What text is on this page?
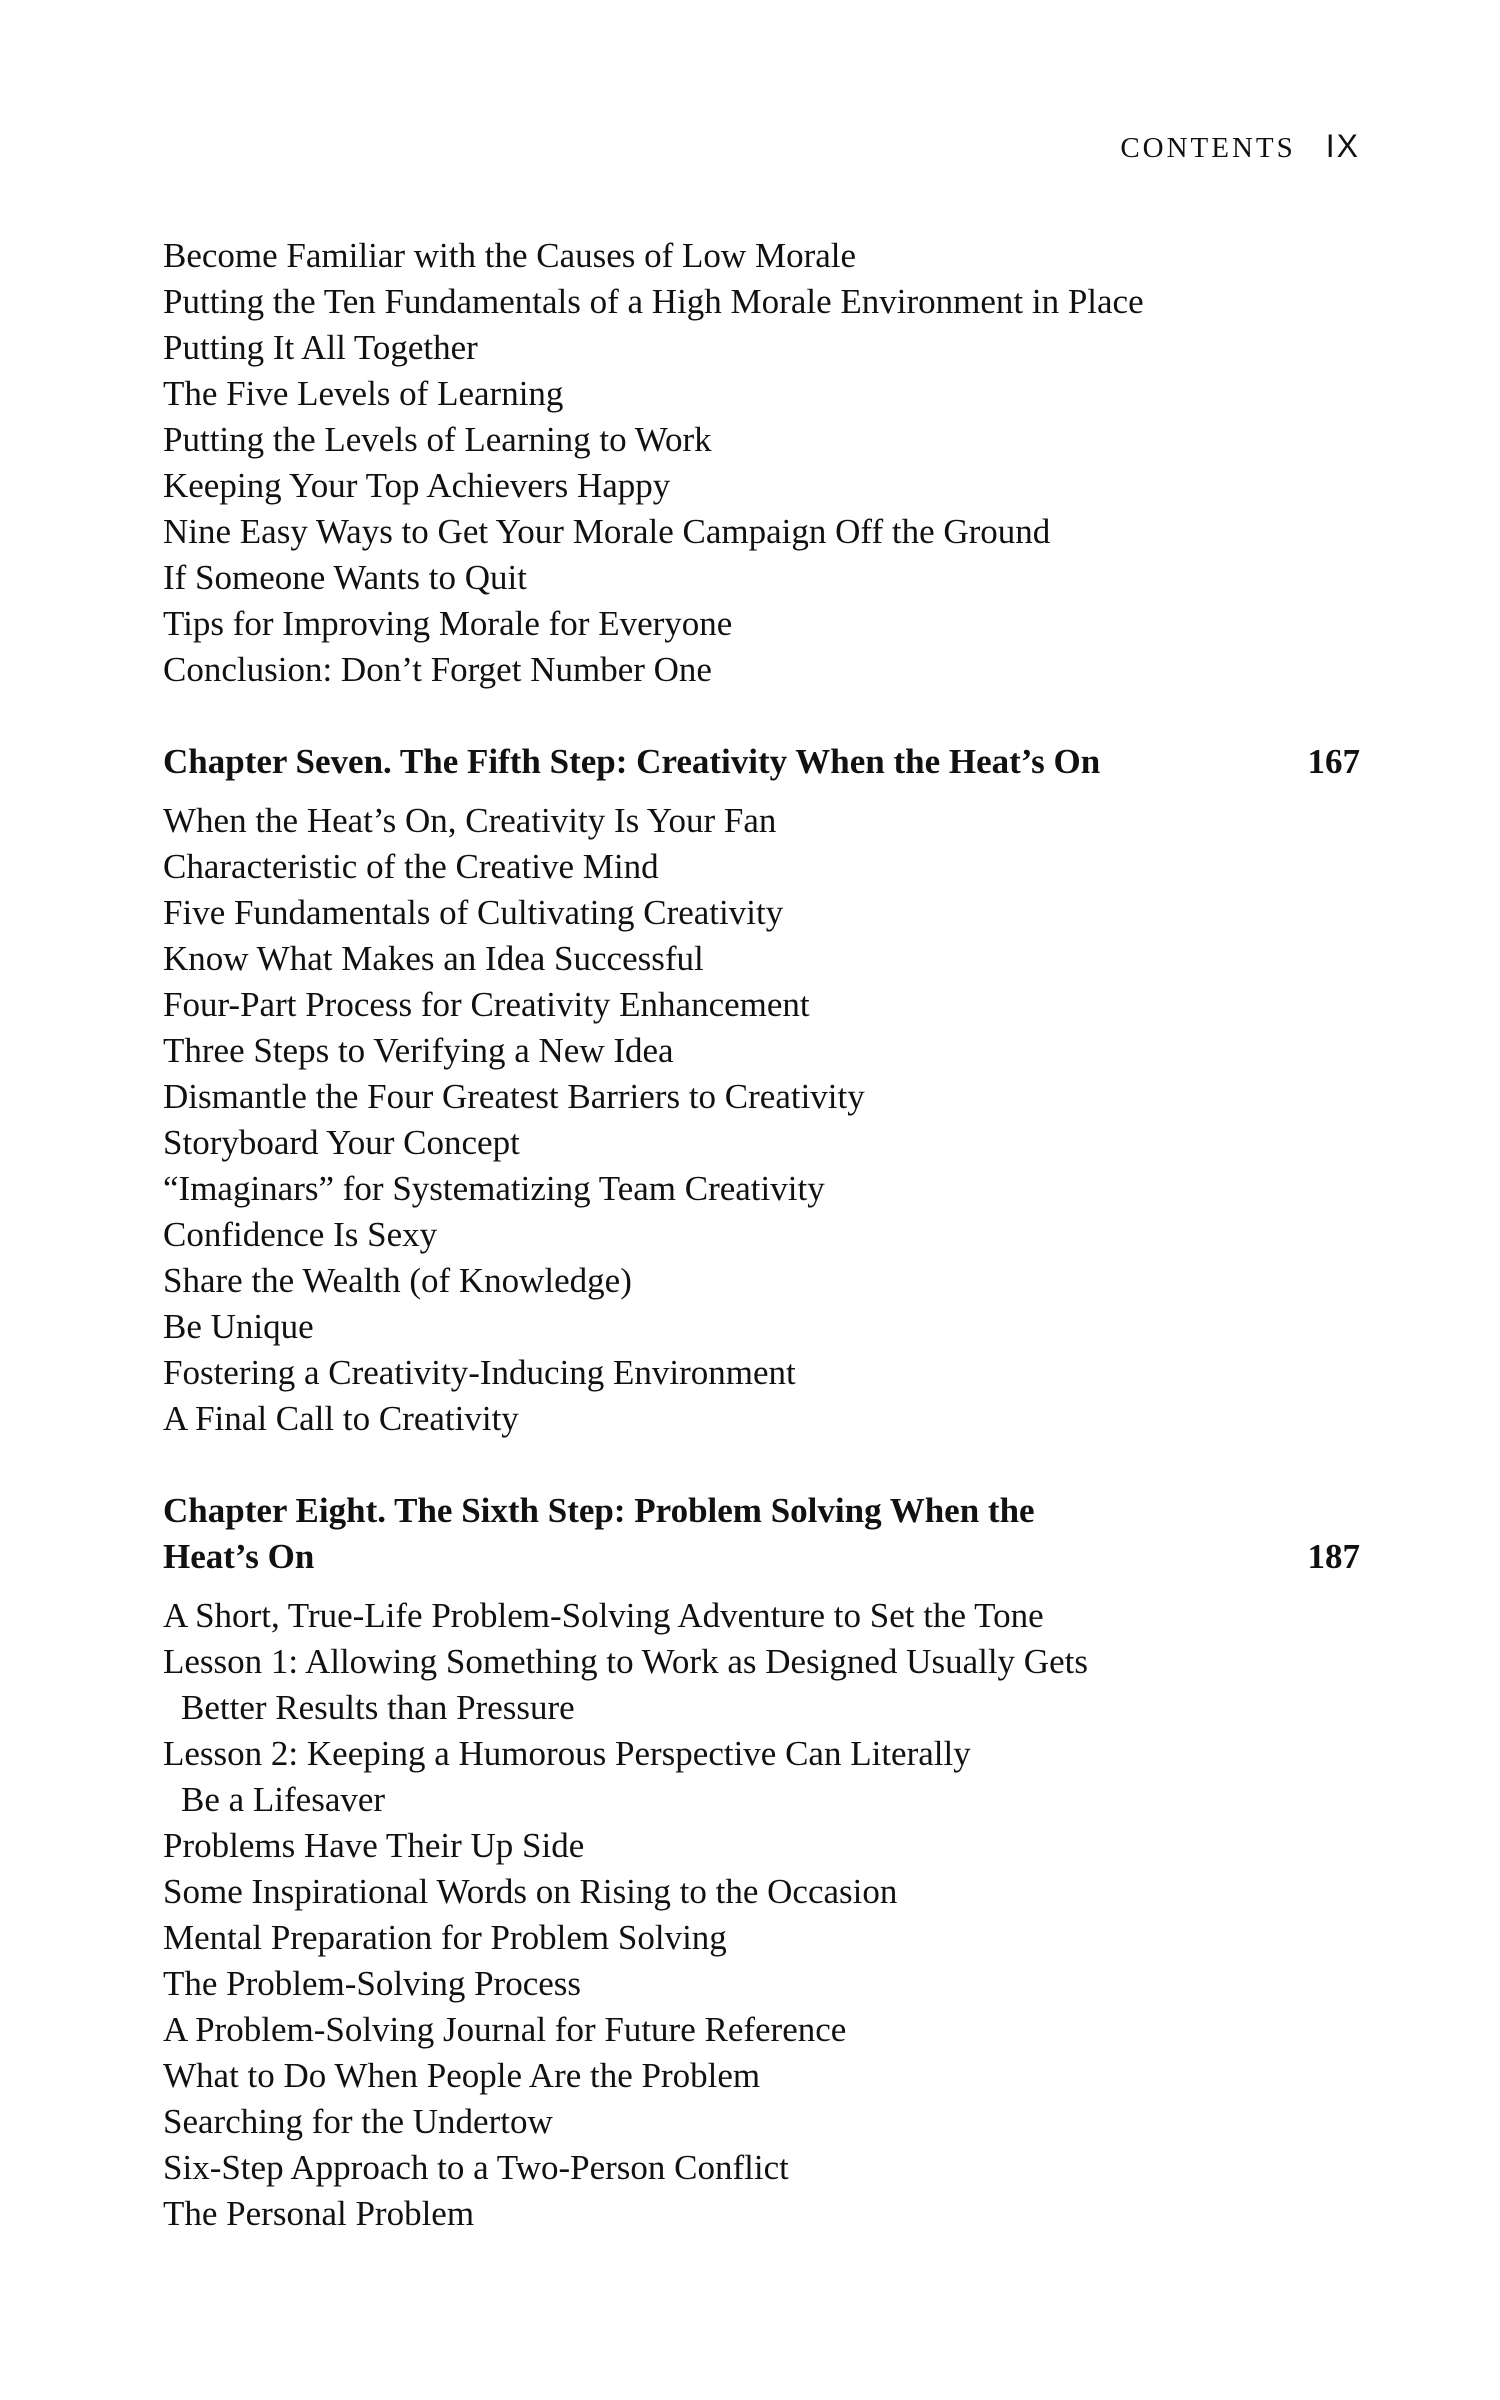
CONTENTS IX
Become Familiar with the Causes of Low Morale
Putting the Ten Fundamentals of a High Morale Environment in Place
Putting It All Together
The Five Levels of Learning
Putting the Levels of Learning to Work
Keeping Your Top Achievers Happy
Nine Easy Ways to Get Your Morale Campaign Off the Ground
If Someone Wants to Quit
Tips for Improving Morale for Everyone
Conclusion: Don’t Forget Number One
Chapter Seven. The Fifth Step: Creativity When the Heat’s On	167
When the Heat’s On, Creativity Is Your Fan
Characteristic of the Creative Mind
Five Fundamentals of Cultivating Creativity
Know What Makes an Idea Successful
Four-Part Process for Creativity Enhancement
Three Steps to Verifying a New Idea
Dismantle the Four Greatest Barriers to Creativity
Storyboard Your Concept
“Imaginars” for Systematizing Team Creativity
Confidence Is Sexy
Share the Wealth (of Knowledge)
Be Unique
Fostering a Creativity-Inducing Environment
A Final Call to Creativity
Chapter Eight. The Sixth Step: Problem Solving When the
Heat’s On	187
A Short, True-Life Problem-Solving Adventure to Set the Tone
Lesson 1: Allowing Something to Work as Designed Usually Gets
Better Results than Pressure
Lesson 2: Keeping a Humorous Perspective Can Literally
Be a Lifesaver
Problems Have Their Up Side
Some Inspirational Words on Rising to the Occasion
Mental Preparation for Problem Solving
The Problem-Solving Process
A Problem-Solving Journal for Future Reference
What to Do When People Are the Problem
Searching for the Undertow
Six-Step Approach to a Two-Person Conflict
The Personal Problem
